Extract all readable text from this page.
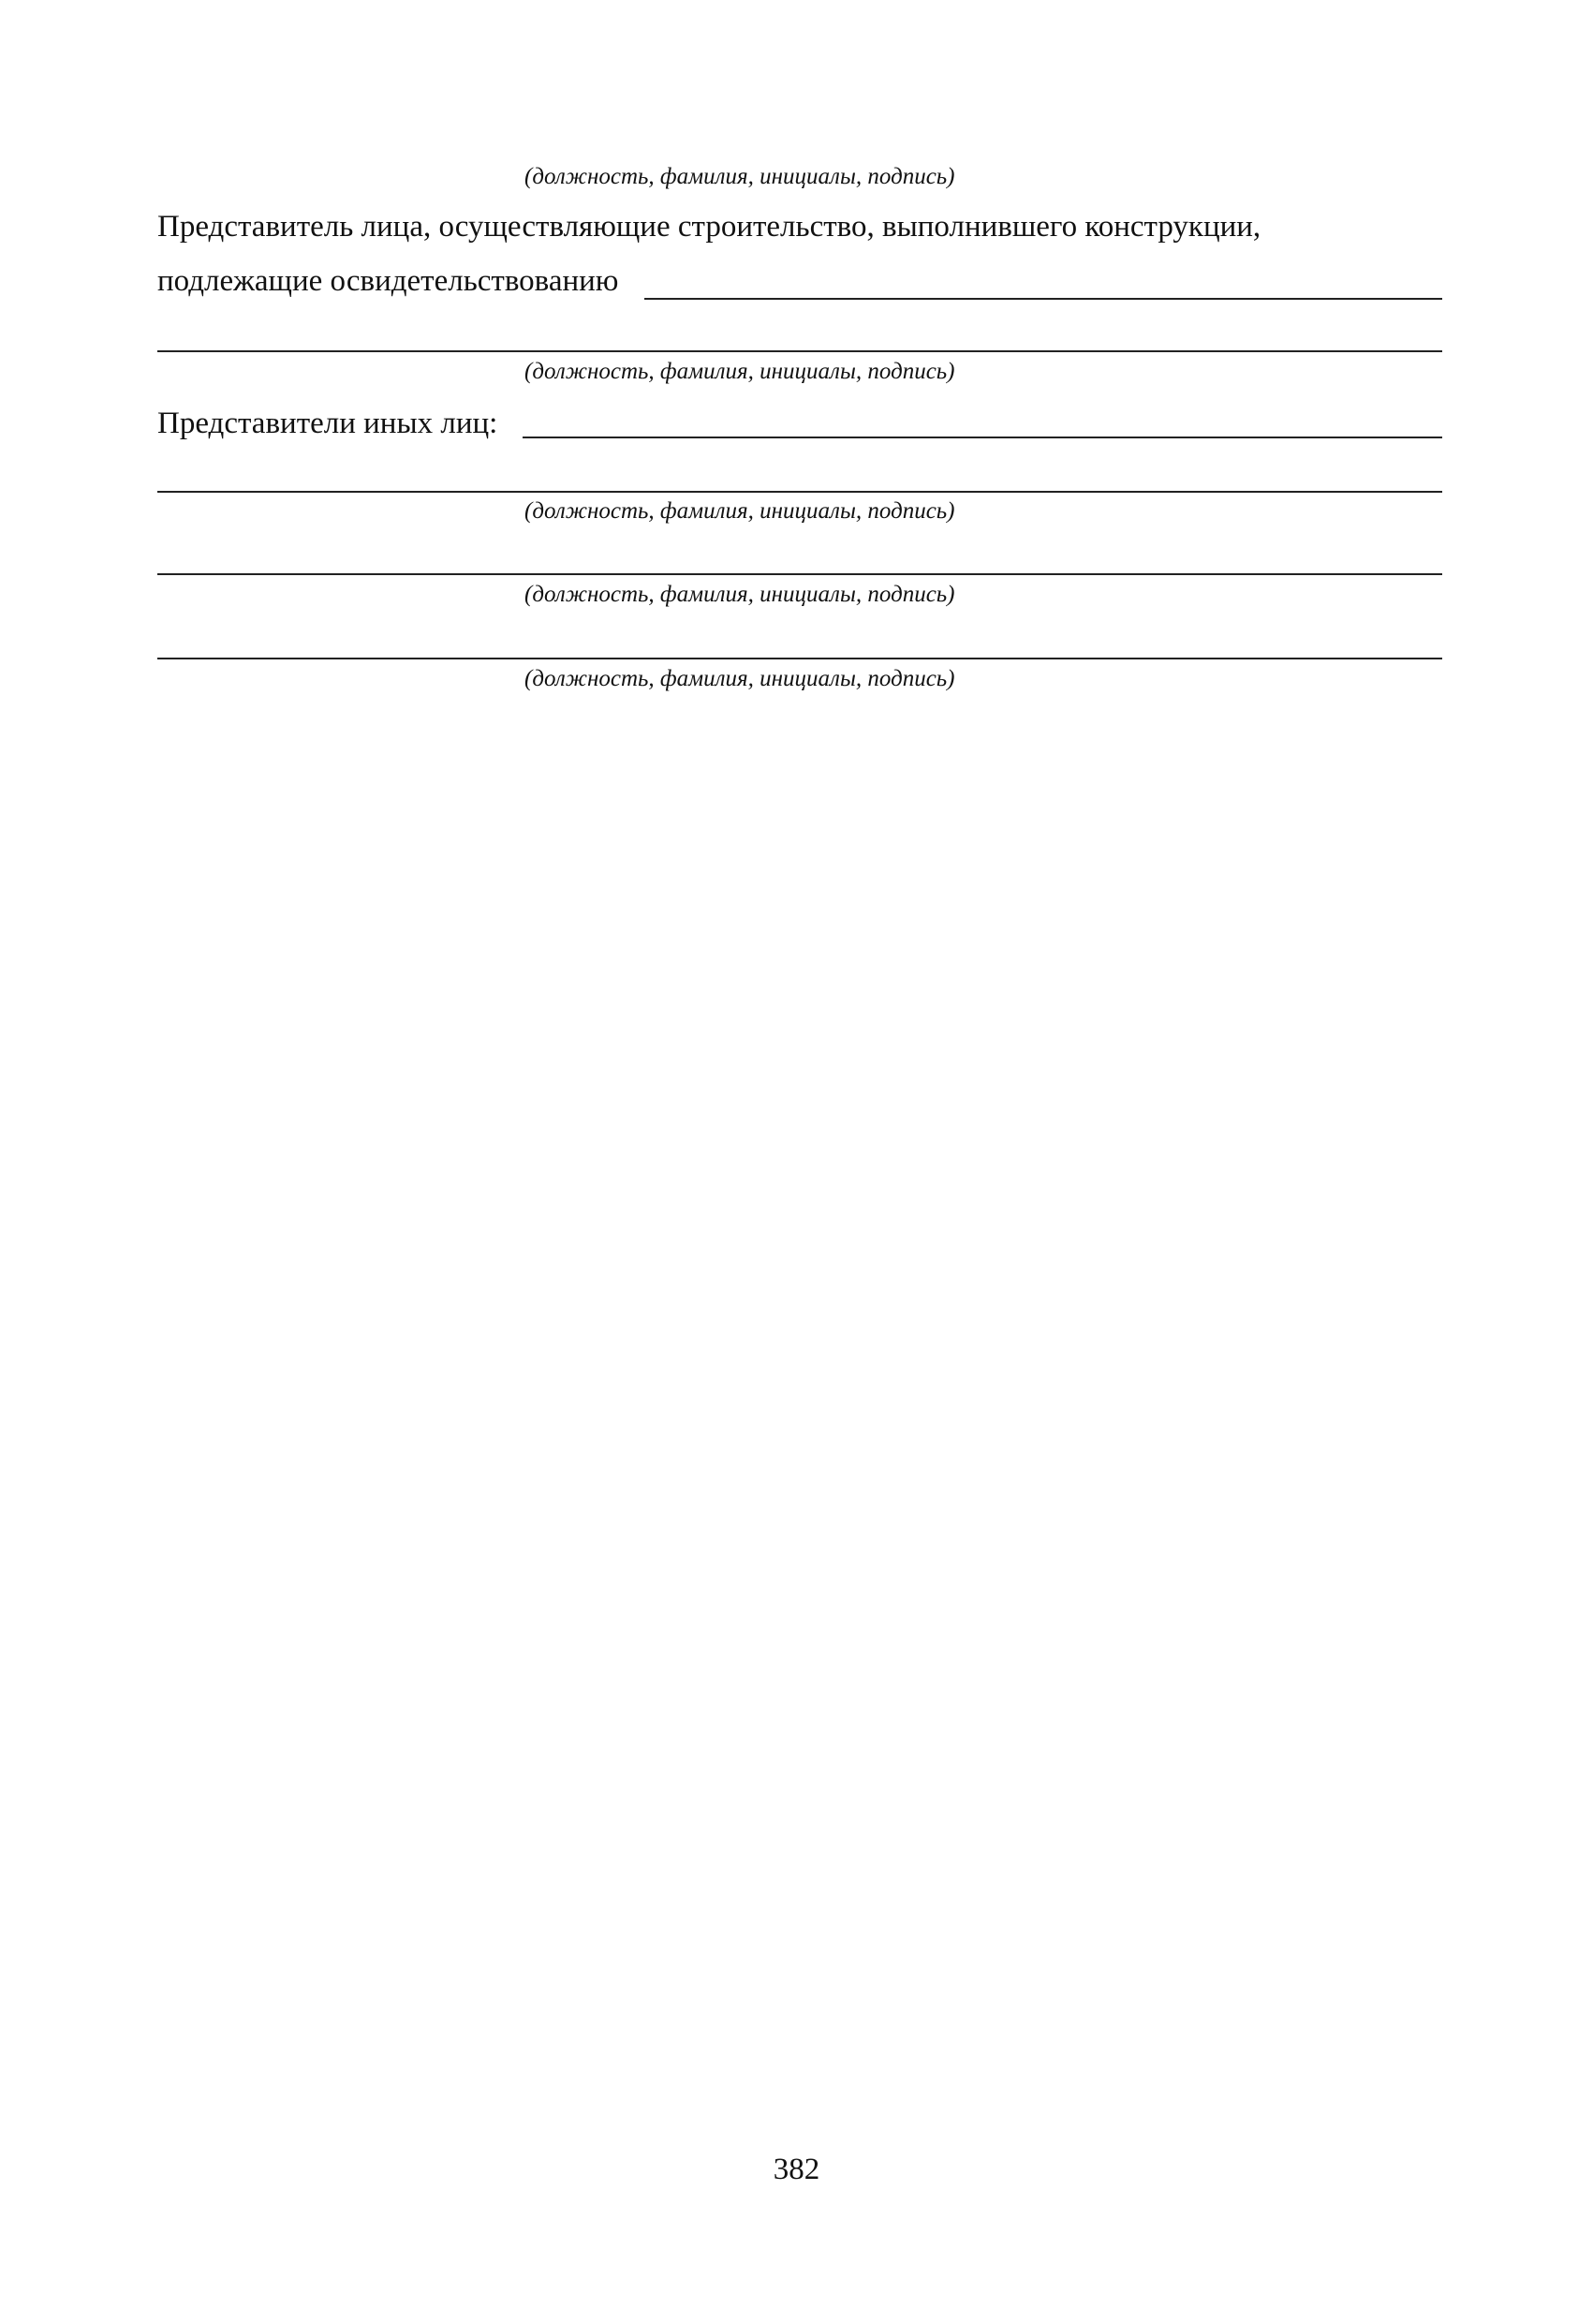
(должность, фамилия, инициалы, подпись)
Представитель лица, осуществляющие строительство, выполнившего конструкции,
подлежащие освидетельствованию
(должность, фамилия, инициалы, подпись)
Представители иных лиц:
(должность, фамилия, инициалы, подпись)
(должность, фамилия, инициалы, подпись)
(должность, фамилия, инициалы, подпись)
382
